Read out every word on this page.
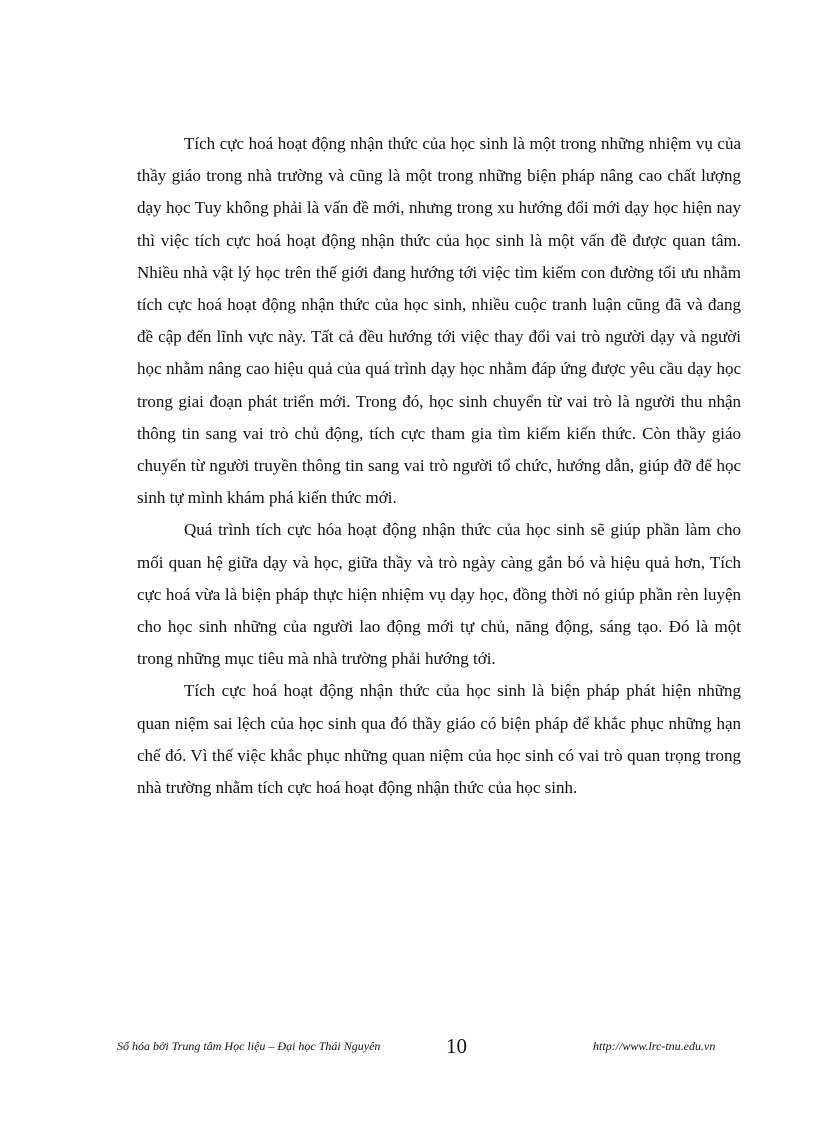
Tích cực hoá hoạt động nhận thức của học sinh là một trong những nhiệm vụ của thầy giáo trong nhà trường và cũng là một trong những biện pháp nâng cao chất lượng dạy học Tuy không phải là vấn đề mới, nhưng trong xu hướng đổi mới dạy học hiện nay thì việc tích cực hoá hoạt động nhận thức của học sinh là một vấn đề được quan tâm. Nhiều nhà vật lý học trên thế giới đang hướng tới việc tìm kiếm con đường tối ưu nhằm tích cực hoá hoạt động nhận thức của học sinh, nhiều cuộc tranh luận cũng đã và đang đề cập đến lĩnh vực này. Tất cả đều hướng tới việc thay đổi vai trò người dạy và người học nhằm nâng cao hiệu quả của quá trình dạy học nhằm đáp ứng được yêu cầu dạy học trong giai đoạn phát triển mới. Trong đó, học sinh chuyển từ vai trò là người thu nhận thông tin sang vai trò chủ động, tích cực tham gia tìm kiếm kiến thức. Còn thầy giáo chuyển từ người truyền thông tin sang vai trò người tổ chức, hướng dẫn, giúp đỡ để học sinh tự mình khám phá kiến thức mới.

Quá trình tích cực hóa hoạt động nhận thức của học sinh sẽ giúp phần làm cho mối quan hệ giữa dạy và học, giữa thầy và trò ngày càng gắn bó và hiệu quả hơn, Tích cực hoá vừa là biện pháp thực hiện nhiệm vụ dạy học, đồng thời nó giúp phần rèn luyện cho học sinh những của người lao động mới tự chủ, năng động, sáng tạo. Đó là một trong những mục tiêu mà nhà trường phải hướng tới.

Tích cực hoá hoạt động nhận thức của học sinh là biện pháp phát hiện những quan niệm sai lệch của học sinh qua đó thầy giáo có biện pháp để khắc phục những hạn chế đó. Vì thế việc khắc phục những quan niệm của học sinh có vai trò quan trọng trong nhà trường nhằm tích cực hoá hoạt động nhận thức của học sinh.

Số hóa bởi Trung tâm Học liệu – Đại học Thái Nguyên	10	http://www.lrc-tnu.edu.vn
